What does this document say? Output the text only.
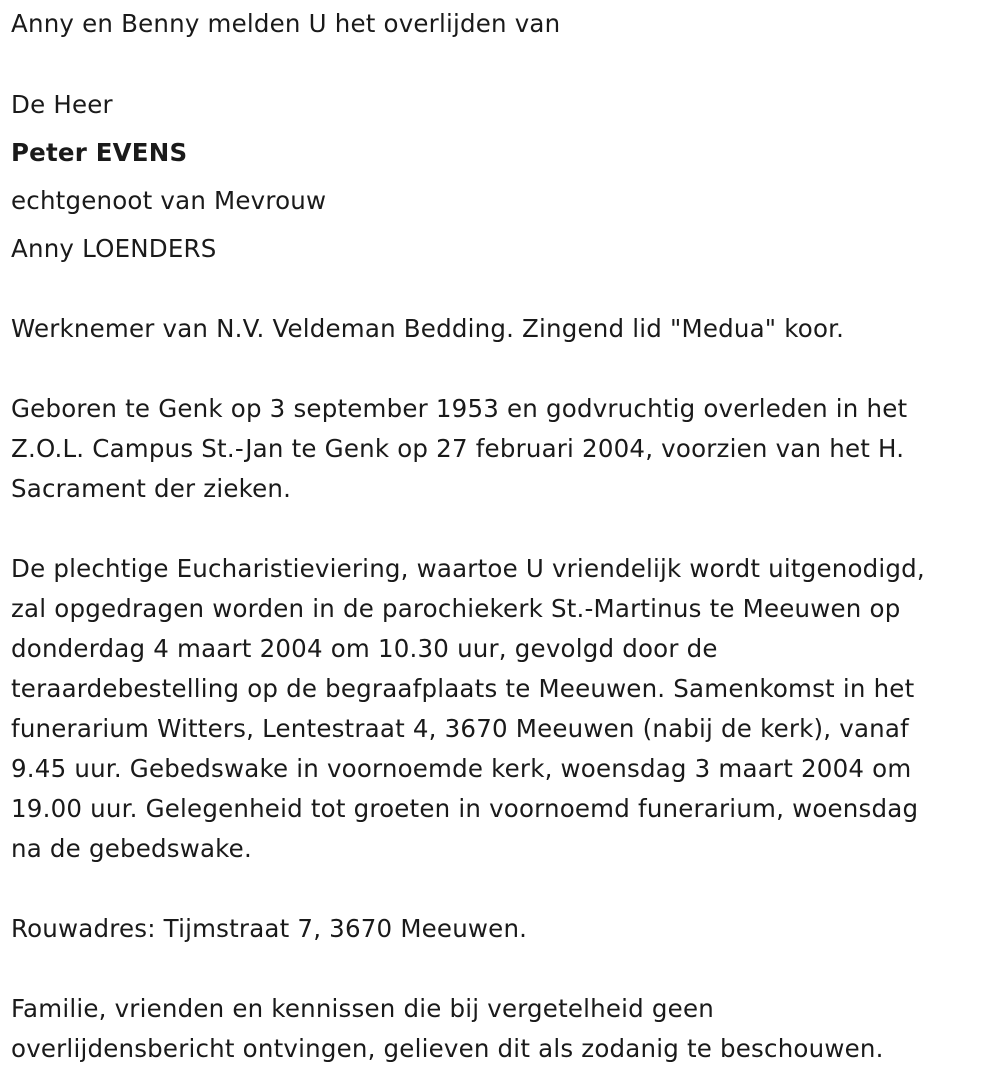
Anny en Benny melden U het overlijden van
De Heer
Peter EVENS
echtgenoot van Mevrouw
Anny LOENDERS
Werknemer van N.V. Veldeman Bedding. Zingend lid "Medua" koor.
Geboren te Genk op 3 september 1953 en godvruchtig overleden in het
Z.O.L. Campus St.-Jan te Genk op 27 februari 2004, voorzien van het H.
Sacrament der zieken.
De plechtige Eucharistieviering, waartoe U vriendelijk wordt uitgenodigd,
zal opgedragen worden in de parochiekerk St.-Martinus te Meeuwen op
donderdag 4 maart 2004 om 10.30 uur, gevolgd door de
teraardebestelling op de begraafplaats te Meeuwen. Samenkomst in het
funerarium Witters, Lentestraat 4, 3670 Meeuwen (nabij de kerk), vanaf
9.45 uur. Gebedswake in voornoemde kerk, woensdag 3 maart 2004 om
19.00 uur. Gelegenheid tot groeten in voornoemd funerarium, woensdag
na de gebedswake.
Rouwadres: Tijmstraat 7, 3670 Meeuwen.
Familie, vrienden en kennissen die bij vergetelheid geen
overlijdensbericht ontvingen, gelieven dit als zodanig te beschouwen.
